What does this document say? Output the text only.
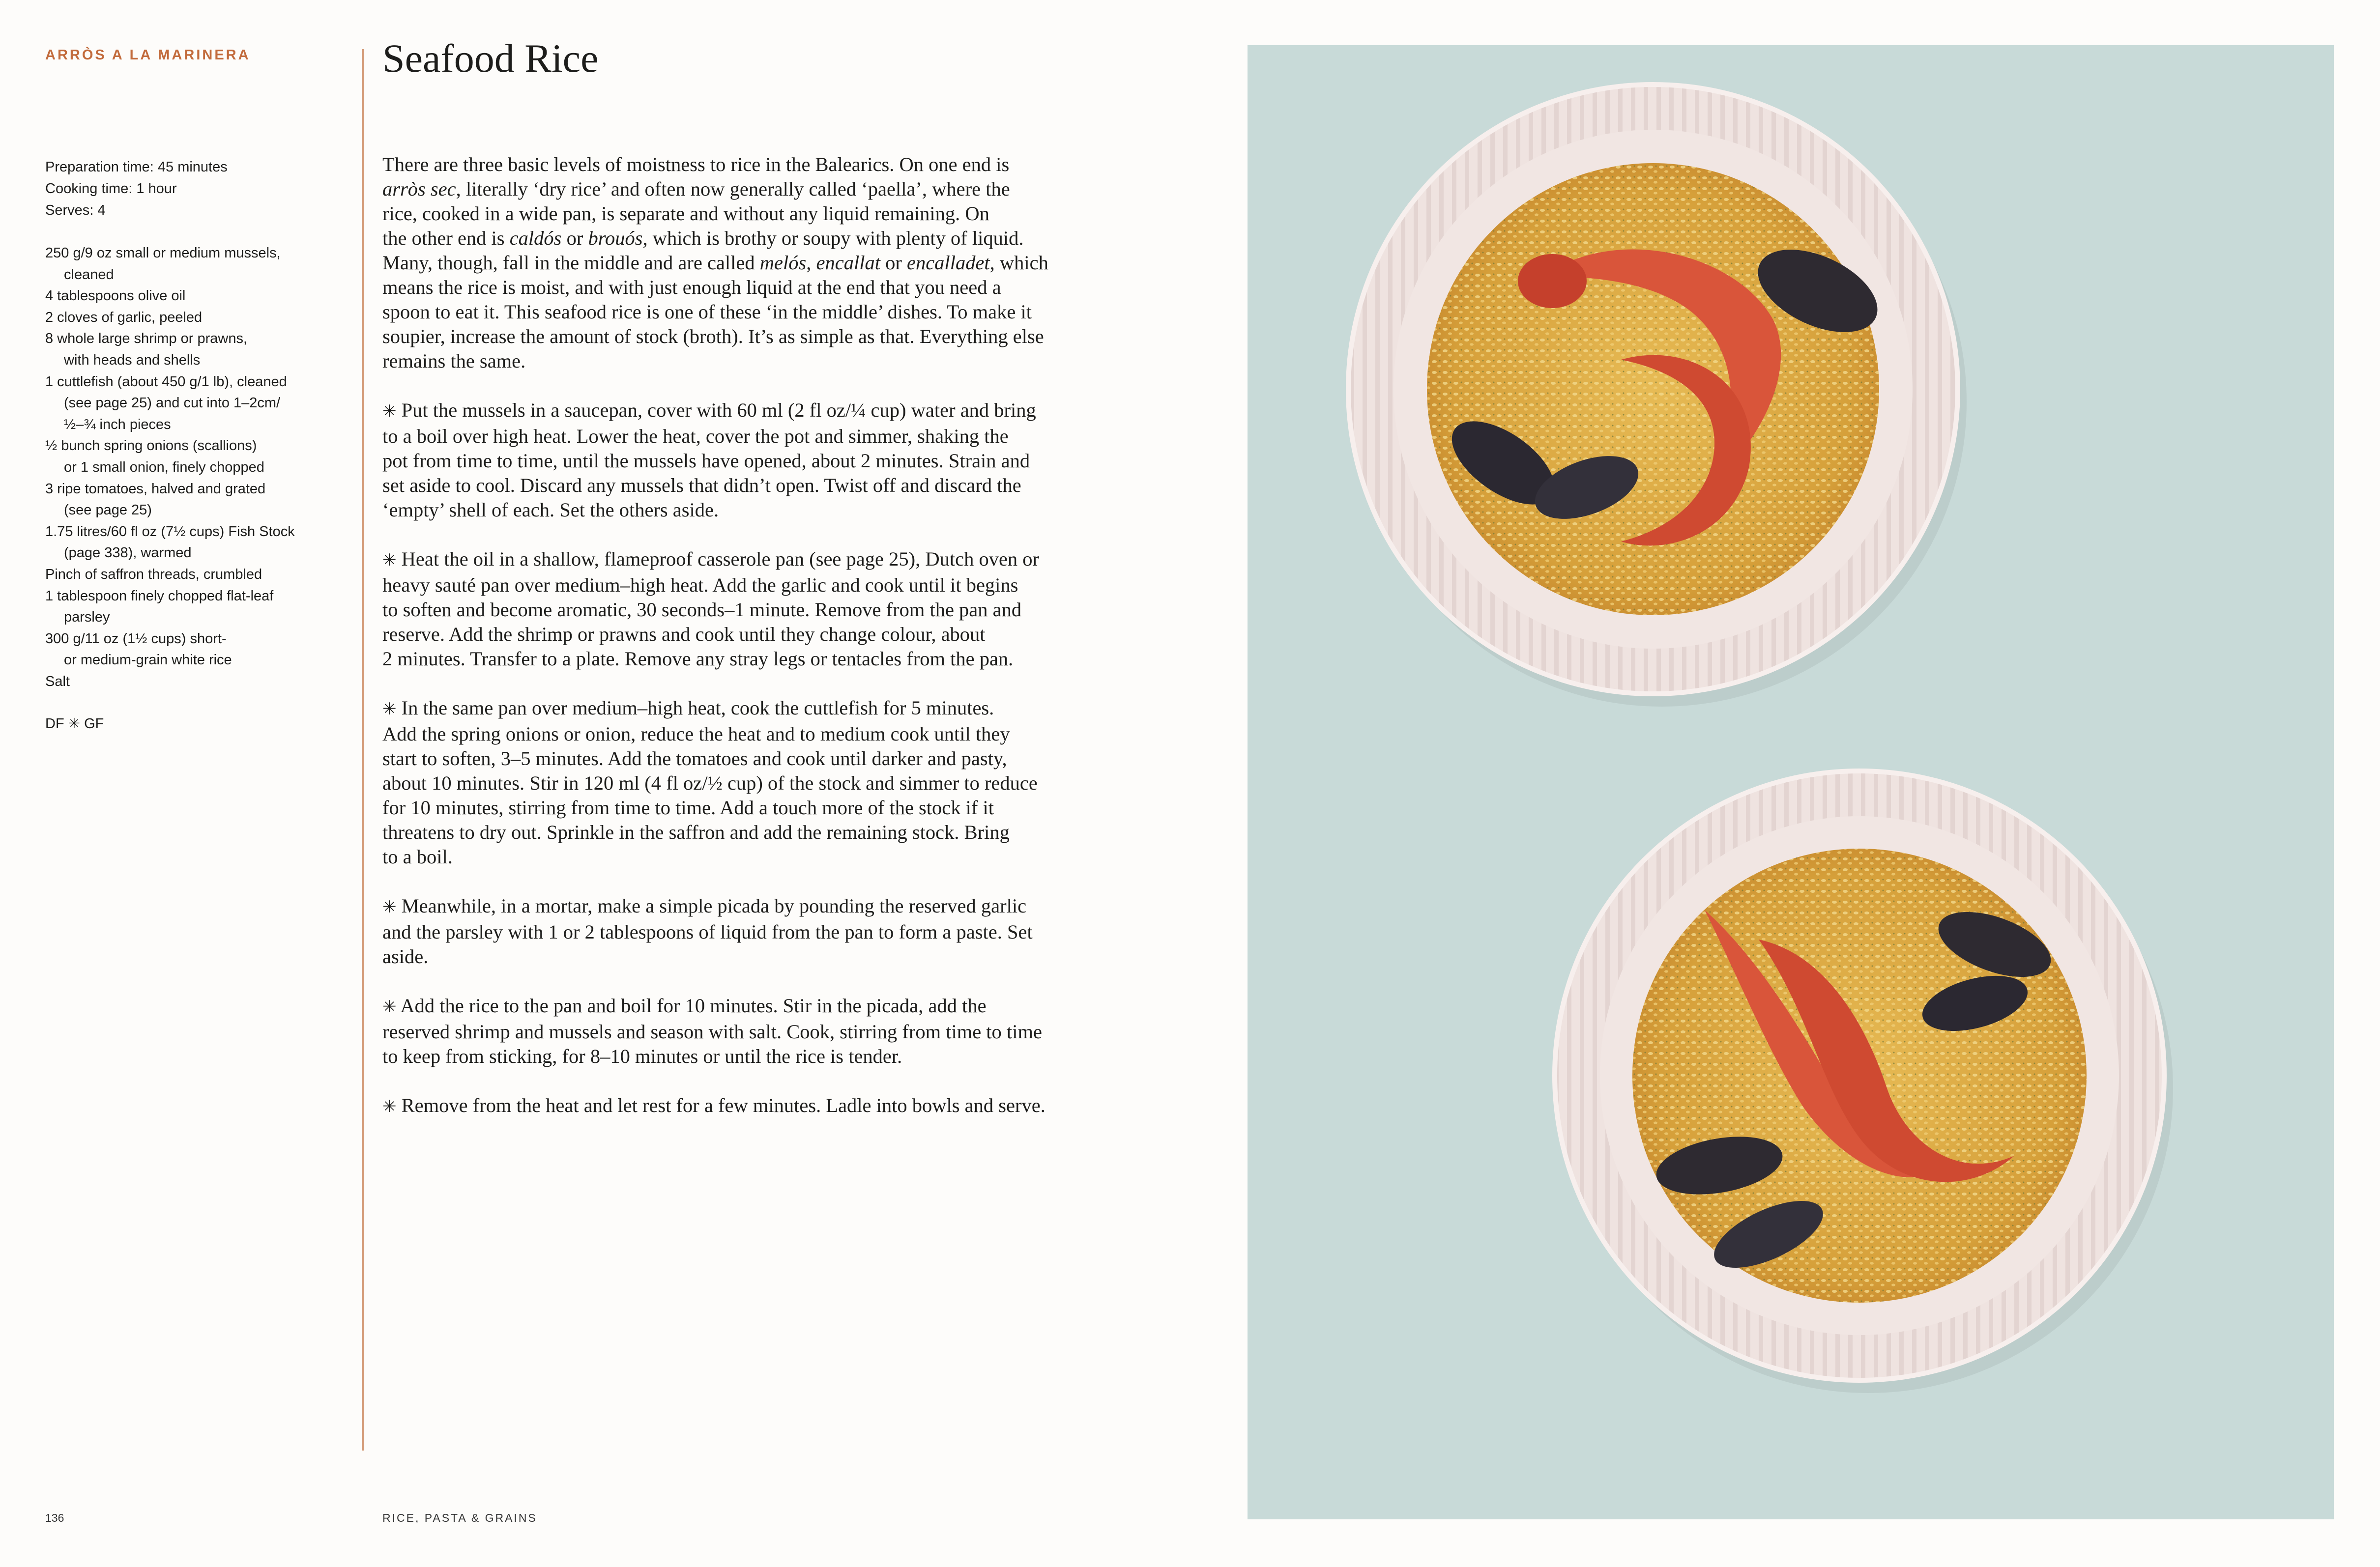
ARRÒS A LA MARINERA	Seafood Rice
Preparation time: 45 minutes
Cooking time: 1 hour
Serves: 4
250 g/9 oz small or medium mussels,
cleaned
4 tablespoons olive oil
2 cloves of garlic, peeled
8 whole large shrimp or prawns,
with heads and shells
1 cuttlefish (about 450 g/1 lb), cleaned
(see page 25) and cut into 1–2cm/
½–¾ inch pieces
½ bunch spring onions (scallions)
or 1 small onion, finely chopped
3 ripe tomatoes, halved and grated
(see page 25)
1.75 litres/60 fl oz (7½ cups) Fish Stock
(page 338), warmed
Pinch of saffron threads, crumbled
1 tablespoon finely chopped flat-leaf
parsley
300 g/11 oz (1½ cups) short-
or medium-grain white rice
Salt
DF ✳ GF
There are three basic levels of moistness to rice in the Balearics. On one end is
arròs sec, literally ‘dry rice’ and often now generally called ‘paella’, where the
rice, cooked in a wide pan, is separate and without any liquid remaining. On
the other end is caldós or brouós, which is brothy or soupy with plenty of liquid.
Many, though, fall in the middle and are called melós, encallat or encalladet, which
means the rice is moist, and with just enough liquid at the end that you need a
spoon to eat it. This seafood rice is one of these ‘in the middle’ dishes. To make it
soupier, increase the amount of stock (broth). It’s as simple as that. Everything else
remains the same.
✳ Put the mussels in a saucepan, cover with 60 ml (2 fl oz/¼ cup) water and bring
to a boil over high heat. Lower the heat, cover the pot and simmer, shaking the
pot from time to time, until the mussels have opened, about 2 minutes. Strain and
set aside to cool. Discard any mussels that didn’t open. Twist off and discard the
‘empty’ shell of each. Set the others aside.
✳ Heat the oil in a shallow, flameproof casserole pan (see page 25), Dutch oven or
heavy sauté pan over medium–high heat. Add the garlic and cook until it begins
to soften and become aromatic, 30 seconds–1 minute. Remove from the pan and
reserve. Add the shrimp or prawns and cook until they change colour, about
2 minutes. Transfer to a plate. Remove any stray legs or tentacles from the pan.
✳ In the same pan over medium–high heat, cook the cuttlefish for 5 minutes.
Add the spring onions or onion, reduce the heat and to medium cook until they
start to soften, 3–5 minutes. Add the tomatoes and cook until darker and pasty,
about 10 minutes. Stir in 120 ml (4 fl oz/½ cup) of the stock and simmer to reduce
for 10 minutes, stirring from time to time. Add a touch more of the stock if it
threatens to dry out. Sprinkle in the saffron and add the remaining stock. Bring
to a boil.
✳ Meanwhile, in a mortar, make a simple picada by pounding the reserved garlic
and the parsley with 1 or 2 tablespoons of liquid from the pan to form a paste. Set
aside.
✳ Add the rice to the pan and boil for 10 minutes. Stir in the picada, add the
reserved shrimp and mussels and season with salt. Cook, stirring from time to time
to keep from sticking, for 8–10 minutes or until the rice is tender.
✳ Remove from the heat and let rest for a few minutes. Ladle into bowls and serve.
136	RICE, PASTA & GRAINS
